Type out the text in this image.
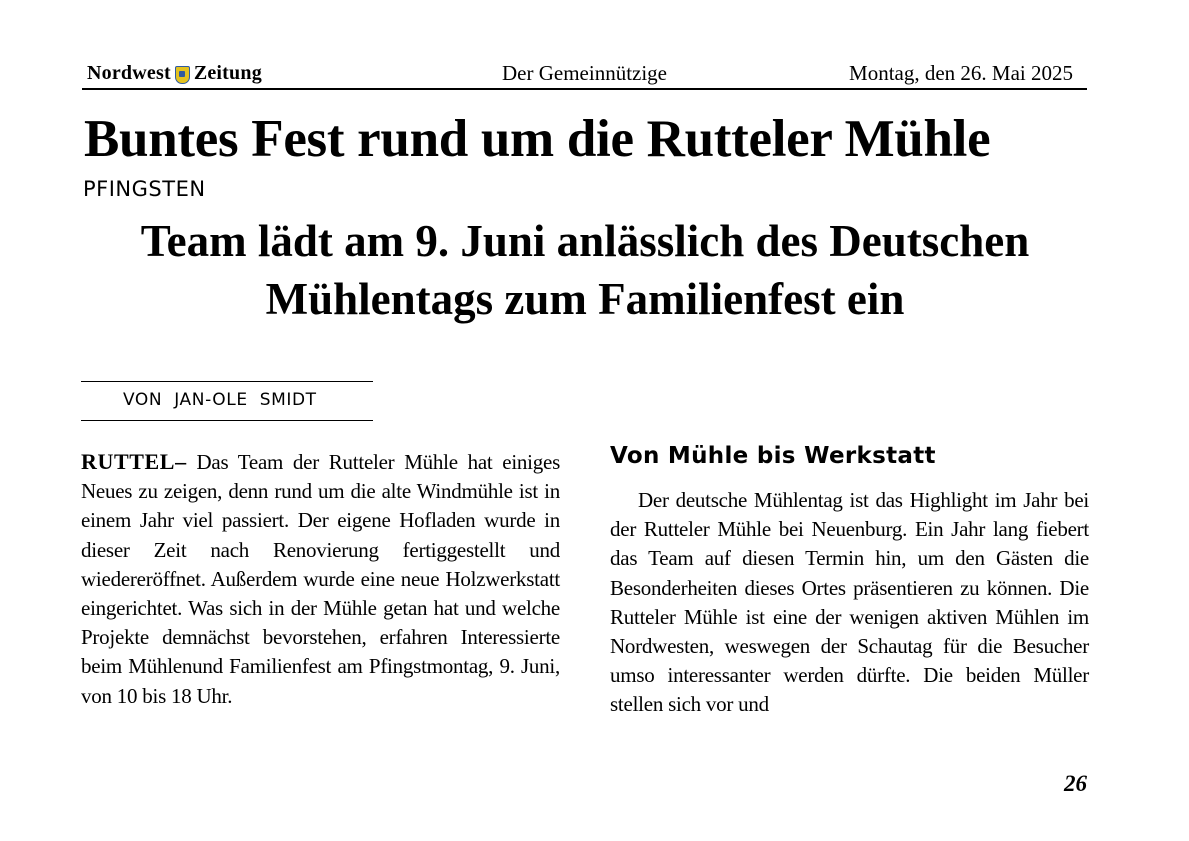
Nordwest Zeitung	Der Gemeinnützige	Montag, den 26. Mai 2025
Buntes Fest rund um die Rutteler Mühle

PFINGSTEN

Team lädt am 9. Juni anlässlich des Deutschen Mühlentags zum Familienfest ein
VON JAN-OLE SMIDT

RUTTEL– Das Team der Rutteler Mühle hat einiges Neues zu zeigen, denn rund um die alte Windmühle ist in einem Jahr viel passiert. Der eigene Hofladen wurde in dieser Zeit nach Renovierung fertiggestellt und wiedereröffnet. Außerdem wurde eine neue Holzwerkstatt eingerichtet. Was sich in der Mühle getan hat und welche Projekte demnächst bevorstehen, erfahren Interessierte beim Mühlenund Familienfest am Pfingstmontag, 9. Juni, von 10 bis 18 Uhr.

Von Mühle bis Werkstatt

Der deutsche Mühlentag ist das Highlight im Jahr bei der Rutteler Mühle bei Neuenburg. Ein Jahr lang fiebert das Team auf diesen Termin hin, um den Gästen die Besonderheiten dieses Ortes präsentieren zu können. Die Rutteler Mühle ist eine der wenigen aktiven Mühlen im Nordwesten, weswegen der Schautag für die Besucher umso interessanter werden dürfte. Die beiden Müller stellen sich vor und

26
